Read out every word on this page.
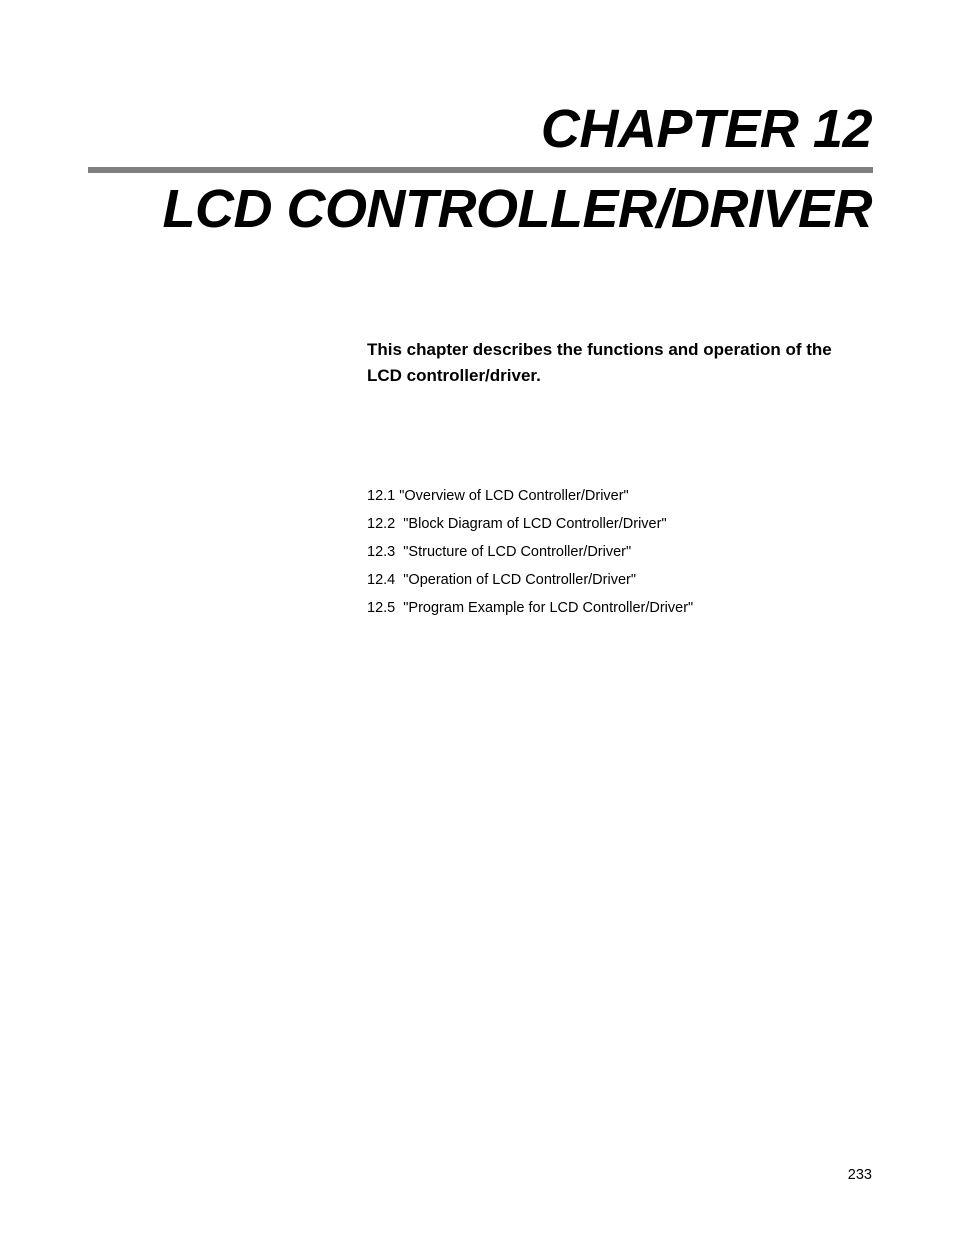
CHAPTER 12
LCD CONTROLLER/DRIVER

This chapter describes the functions and operation of the LCD controller/driver.

12.1 "Overview of LCD Controller/Driver"
12.2  "Block Diagram of LCD Controller/Driver"
12.3  "Structure of LCD Controller/Driver"
12.4  "Operation of LCD Controller/Driver"
12.5  "Program Example for LCD Controller/Driver"

233
